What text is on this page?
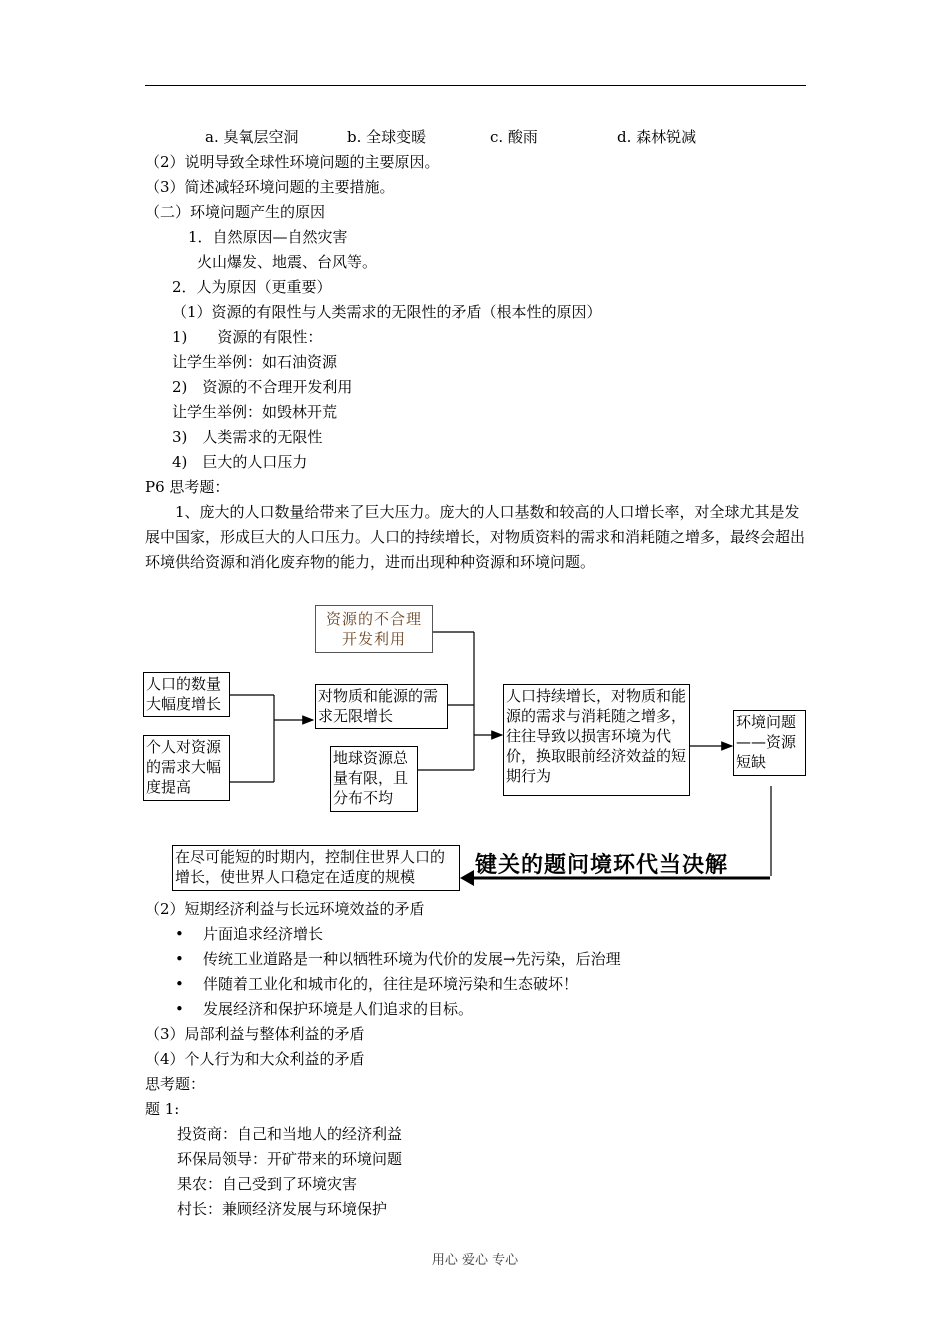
a. 臭氧层空洞	b. 全球变暖	c. 酸雨	d. 森林锐减
（2）说明导致全球性环境问题的主要原因。
（3）简述减轻环境问题的主要措施。
（二）环境问题产生的原因
1．自然原因—自然灾害
火山爆发、地震、台风等。
2．人为原因（更重要）
（1）资源的有限性与人类需求的无限性的矛盾（根本性的原因）
1)　　资源的有限性：
让学生举例：如石油资源
2)　资源的不合理开发利用
让学生举例：如毁林开荒
3)　人类需求的无限性
4)　巨大的人口压力
P6 思考题：
1、庞大的人口数量给带来了巨大压力。庞大的人口基数和较高的人口增长率，对全球尤其是发展中国家，形成巨大的人口压力。人口的持续增长，对物质资料的需求和消耗随之增多，最终会超出环境供给资源和消化废弃物的能力，进而出现种种资源和环境问题。
资源的不合理开发利用
人口的数量大幅度增长
个人对资源的需求大幅度提高
对物质和能源的需求无限增长
地球资源总量有限，且分布不均
人口持续增长，对物质和能源的需求与消耗随之增多，往往导致以损害环境为代价，换取眼前经济效益的短期行为
环境问题——资源短缺
在尽可能短的时期内，控制住世界人口的增长，使世界人口稳定在适度的规模	键关的题问境环代当决解
（2）短期经济利益与长远环境效益的矛盾
• 片面追求经济增长
• 传统工业道路是一种以牺牲环境为代价的发展→先污染，后治理
• 伴随着工业化和城市化的，往往是环境污染和生态破坏！
• 发展经济和保护环境是人们追求的目标。
（3）局部利益与整体利益的矛盾
（4）个人行为和大众利益的矛盾
思考题：
题 1:
投资商：自己和当地人的经济利益
环保局领导：开矿带来的环境问题
果农：自己受到了环境灾害
村长：兼顾经济发展与环境保护
用心 爱心 专心
